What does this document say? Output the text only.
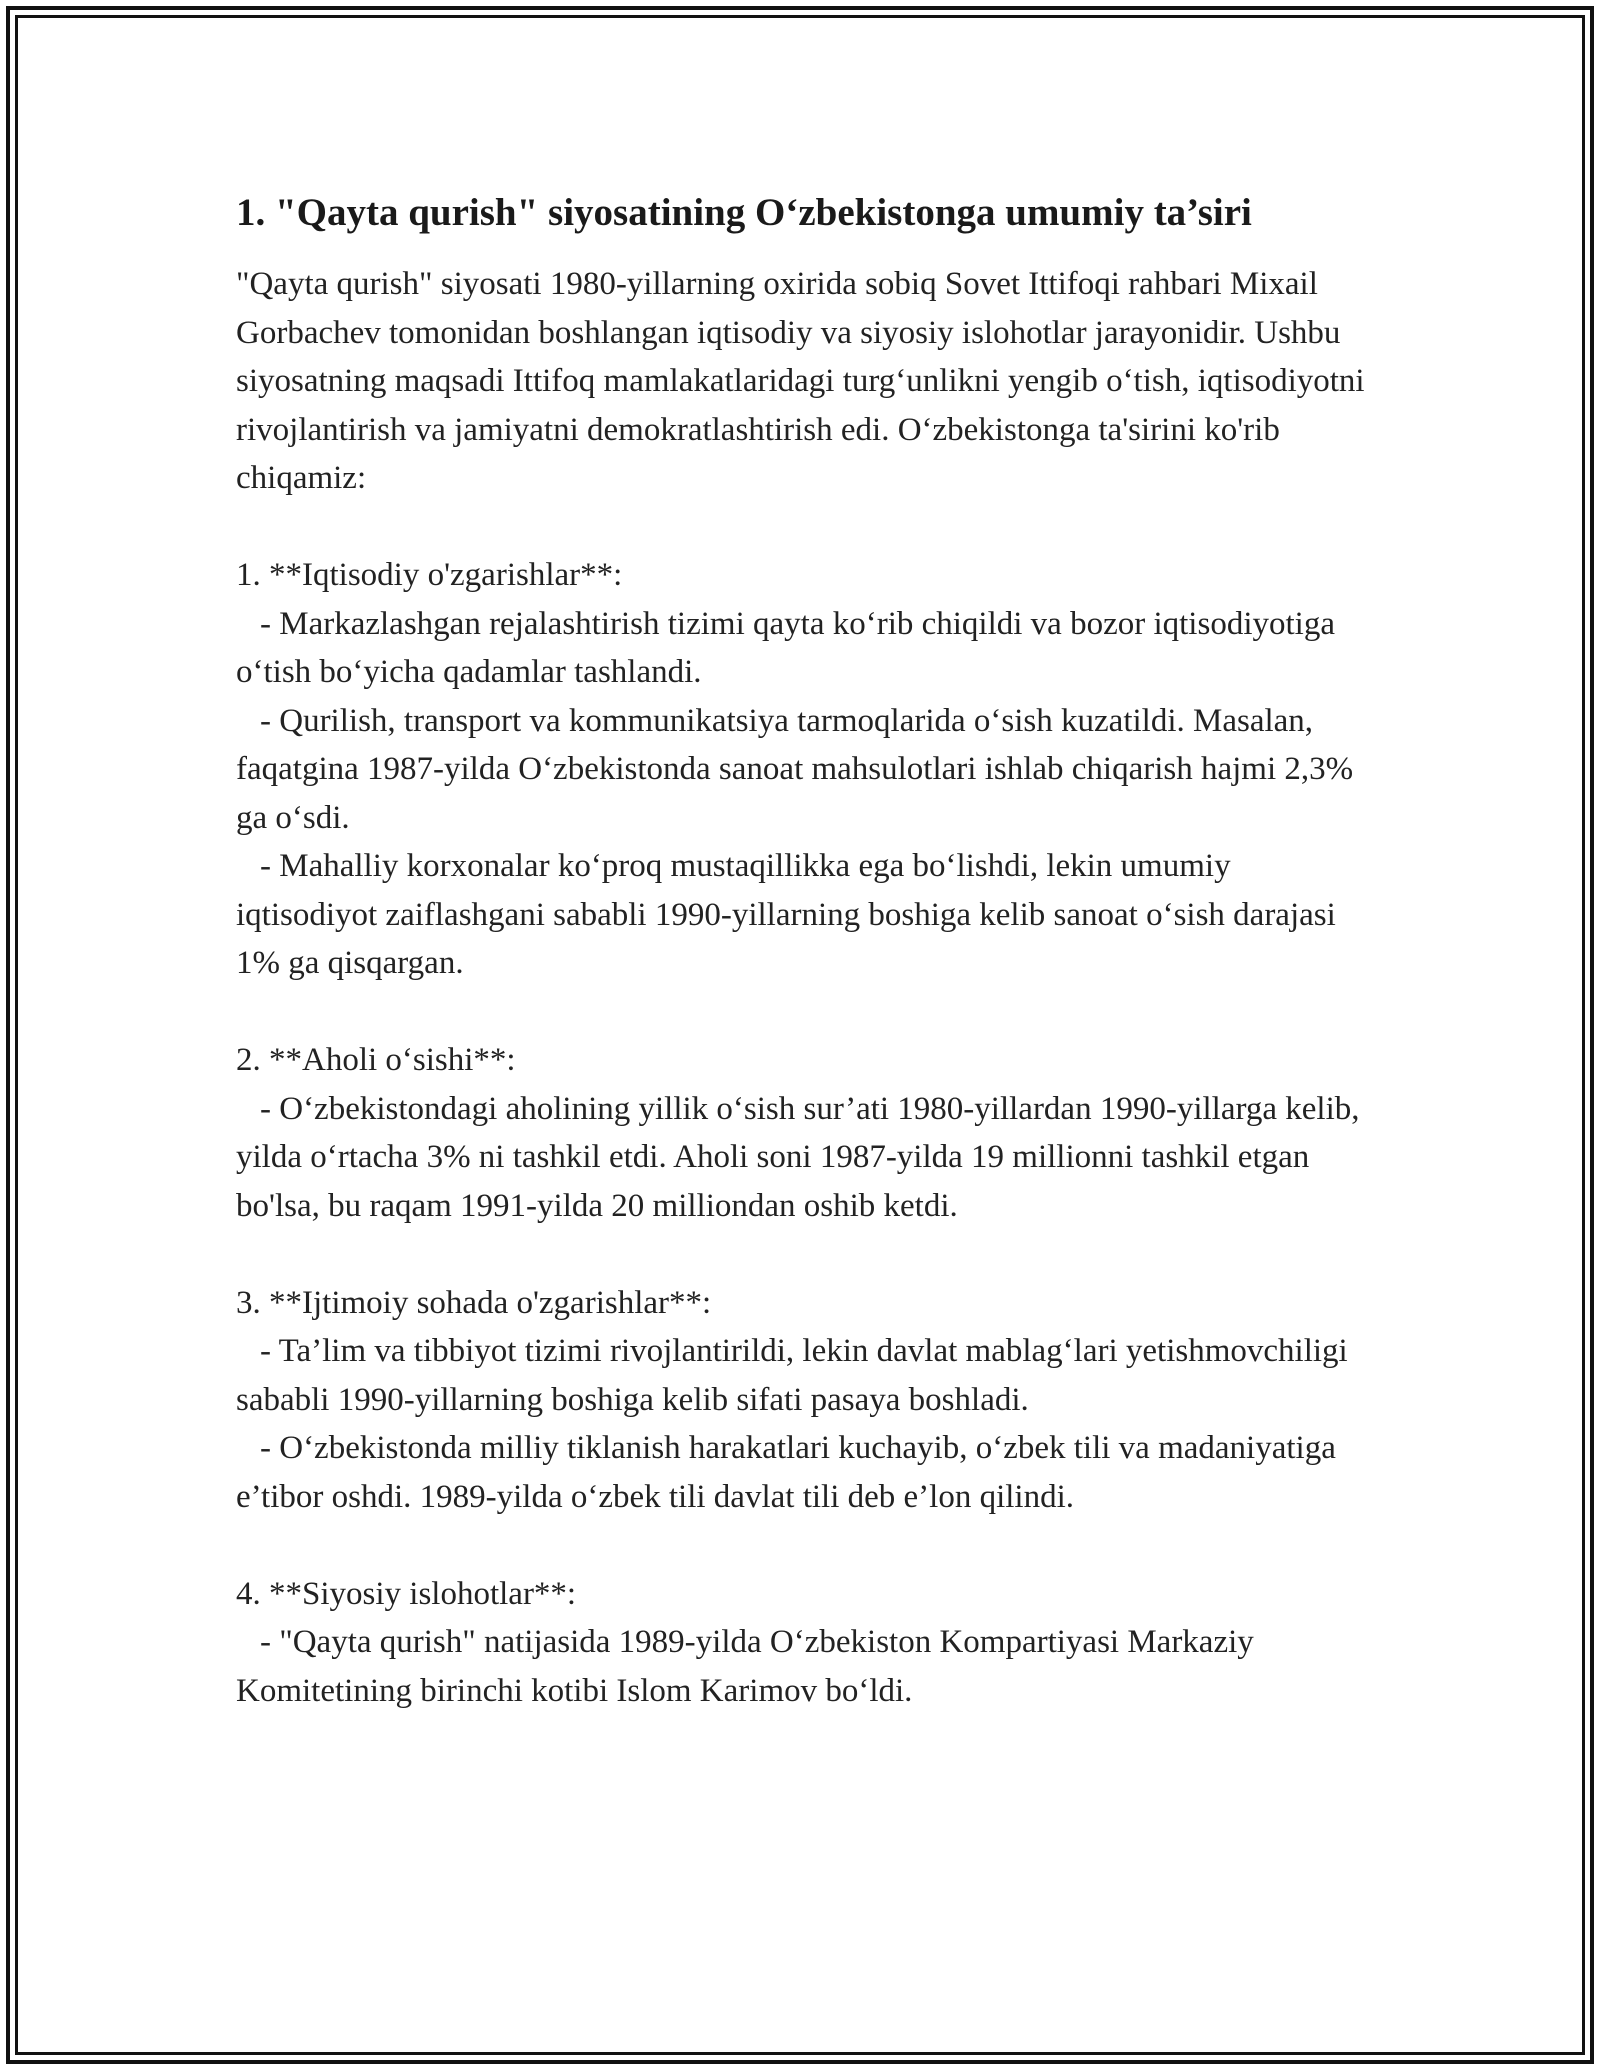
1. "Qayta qurish" siyosatining O‘zbekistonga umumiy ta’siri

"Qayta qurish" siyosati 1980-yillarning oxirida sobiq Sovet Ittifoqi rahbari Mixail Gorbachev tomonidan boshlangan iqtisodiy va siyosiy islohotlar jarayonidir. Ushbu siyosatning maqsadi Ittifoq mamlakatlaridagi turg‘unlikni yengib o‘tish, iqtisodiyotni rivojlantirish va jamiyatni demokratlashtirish edi. O‘zbekistonga ta'sirini ko'rib chiqamiz:

1. **Iqtisodiy o'zgarishlar**:

- Markazlashgan rejalashtirish tizimi qayta ko‘rib chiqildi va bozor iqtisodiyotiga o‘tish bo‘yicha qadamlar tashlandi.

- Qurilish, transport va kommunikatsiya tarmoqlarida o‘sish kuzatildi. Masalan, faqatgina 1987-yilda O‘zbekistonda sanoat mahsulotlari ishlab chiqarish hajmi 2,3% ga o‘sdi.

- Mahalliy korxonalar ko‘proq mustaqillikka ega bo‘lishdi, lekin umumiy iqtisodiyot zaiflashgani sababli 1990-yillarning boshiga kelib sanoat o‘sish darajasi 1% ga qisqargan.

2. **Aholi o‘sishi**:

- O‘zbekistondagi aholining yillik o‘sish sur’ati 1980-yillardan 1990-yillarga kelib, yilda o‘rtacha 3% ni tashkil etdi. Aholi soni 1987-yilda 19 millionni tashkil etgan bo'lsa, bu raqam 1991-yilda 20 milliondan oshib ketdi.

3. **Ijtimoiy sohada o'zgarishlar**:

- Ta’lim va tibbiyot tizimi rivojlantirildi, lekin davlat mablag‘lari yetishmovchiligi sababli 1990-yillarning boshiga kelib sifati pasaya boshladi.

- O‘zbekistonda milliy tiklanish harakatlari kuchayib, o‘zbek tili va madaniyatiga e’tibor oshdi. 1989-yilda o‘zbek tili davlat tili deb e’lon qilindi.

4. **Siyosiy islohotlar**:

- "Qayta qurish" natijasida 1989-yilda O‘zbekiston Kompartiyasi Markaziy Komitetining birinchi kotibi Islom Karimov bo‘ldi.
